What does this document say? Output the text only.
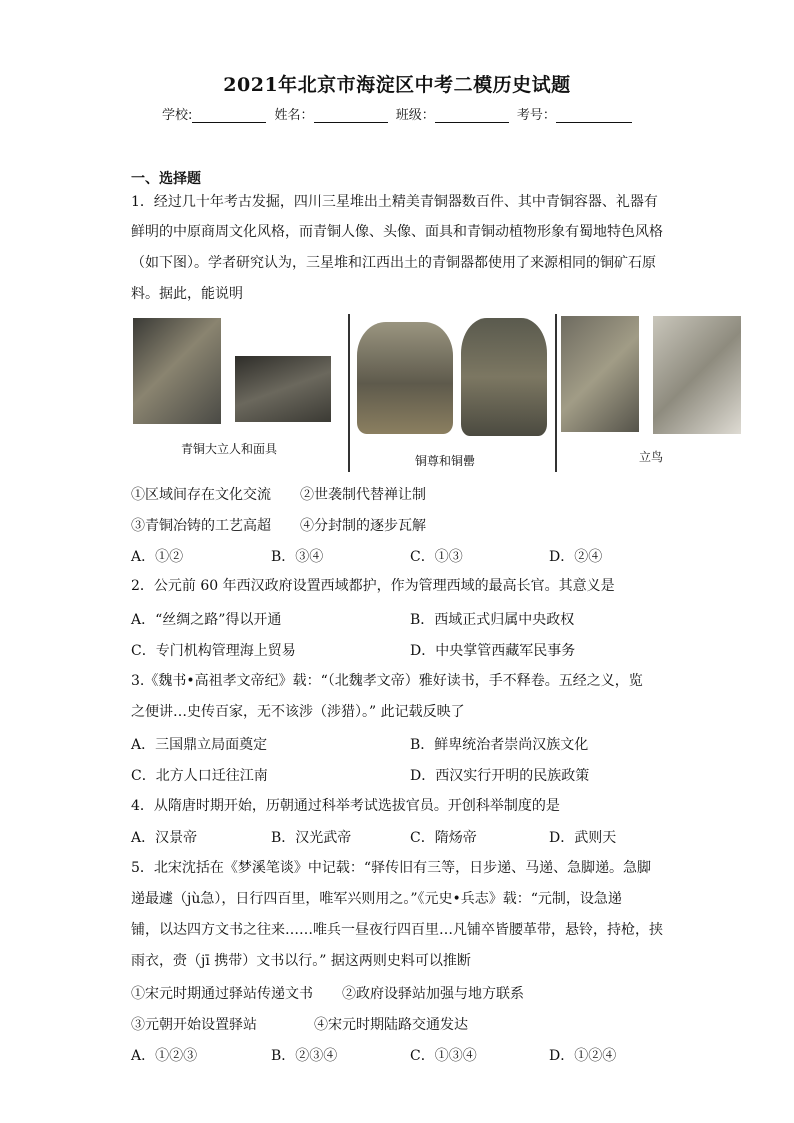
2021年北京市海淀区中考二模历史试题
学校:	姓名：	班级：	考号：
一、选择题
1．经过几十年考古发掘，四川三星堆出土精美青铜器数百件、其中青铜容器、礼器有
鲜明的中原商周文化风格，而青铜人像、头像、面具和青铜动植物形象有蜀地特色风格
（如下图）。学者研究认为，三星堆和江西出土的青铜器都使用了来源相同的铜矿石原
料。据此，能说明
青铜大立人和面具
铜尊和铜罍	立鸟
①区域间存在文化交流 ②世袭制代替禅让制
③青铜冶铸的工艺高超 ④分封制的逐步瓦解
A．①②	B．③④	C．①③	D．②④
2．公元前 60 年西汉政府设置西域都护，作为管理西域的最高长官。其意义是
A．“丝绸之路”得以开通	B．西域正式归属中央政权
C．专门机构管理海上贸易	D．中央掌管西藏军民事务
3.《魏书•高祖孝文帝纪》载：“（北魏孝文帝）雅好读书，手不释卷。五经之义，览
之便讲…史传百家，无不该涉（涉猎）。” 此记载反映了
A．三国鼎立局面奠定	B．鲜卑统治者崇尚汉族文化
C．北方人口迁往江南	D．西汉实行开明的民族政策
4．从隋唐时期开始，历朝通过科举考试选拔官员。开创科举制度的是
A．汉景帝	B．汉光武帝	C．隋炀帝	D．武则天
5．北宋沈括在《梦溪笔谈》中记载：“驿传旧有三等，日步递、马递、急脚递。急脚
递最遽（jù急），日行四百里，唯军兴则用之。”《元史•兵志》载：“元制，设急递
铺，以达四方文书之往来……唯兵一昼夜行四百里…凡铺卒皆腰革带，悬铃，持枪，挟
雨衣，赍（jī 携带）文书以行。” 据这两则史料可以推断
①宋元时期通过驿站传递文书 ②政府设驿站加强与地方联系
③元朝开始设置驿站	④宋元时期陆路交通发达
A．①②③	B．②③④	C．①③④	D．①②④
